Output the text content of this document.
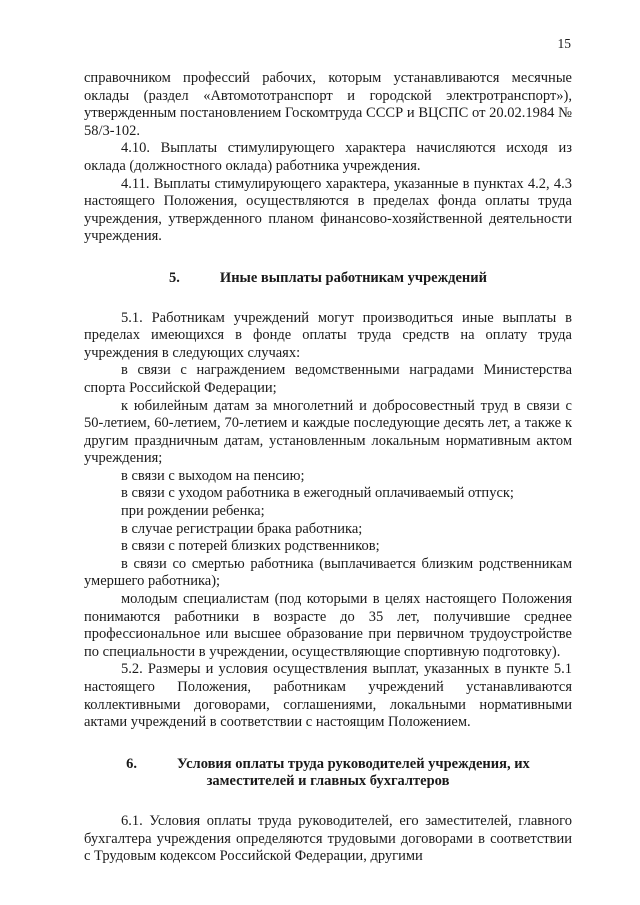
15

справочником профессий рабочих, которым устанавливаются месячные оклады (раздел «Автомототранспорт и городской электротранспорт»), утвержденным постановлением Госкомтруда СССР и ВЦСПС от 20.02.1984 № 58/3-102.

4.10. Выплаты стимулирующего характера начисляются исходя из оклада (должностного оклада) работника учреждения.

4.11. Выплаты стимулирующего характера, указанные в пунктах 4.2, 4.3 настоящего Положения, осуществляются в пределах фонда оплаты труда учреждения, утвержденного планом финансово-хозяйственной деятельности учреждения.

5.	Иные выплаты работникам учреждений

5.1. Работникам учреждений могут производиться иные выплаты в пределах имеющихся в фонде оплаты труда средств на оплату труда учреждения в следующих случаях:

в связи с награждением ведомственными наградами Министерства спорта Российской Федерации;

к юбилейным датам за многолетний и добросовестный труд в связи с 50-летием, 60-летием, 70-летием и каждые последующие десять лет, а также к другим праздничным датам, установленным локальным нормативным актом учреждения;

в связи с выходом на пенсию;

в связи с уходом работника в ежегодный оплачиваемый отпуск;

при рождении ребенка;

в случае регистрации брака работника;

в связи с потерей близких родственников;

в связи со смертью работника (выплачивается близким родственникам умершего работника);

молодым специалистам (под которыми в целях настоящего Положения понимаются работники в возрасте до 35 лет, получившие среднее профессиональное или высшее образование при первичном трудоустройстве по специальности в учреждении, осуществляющие спортивную подготовку).

5.2. Размеры и условия осуществления выплат, указанных в пункте 5.1 настоящего Положения, работникам учреждений устанавливаются коллективными договорами, соглашениями, локальными нормативными актами учреждений в соответствии с настоящим Положением.

6.	Условия оплаты труда руководителей учреждения, их
заместителей и главных бухгалтеров

6.1. Условия оплаты труда руководителей, его заместителей, главного бухгалтера учреждения определяются трудовыми договорами в соответствии с Трудовым кодексом Российской Федерации, другими
